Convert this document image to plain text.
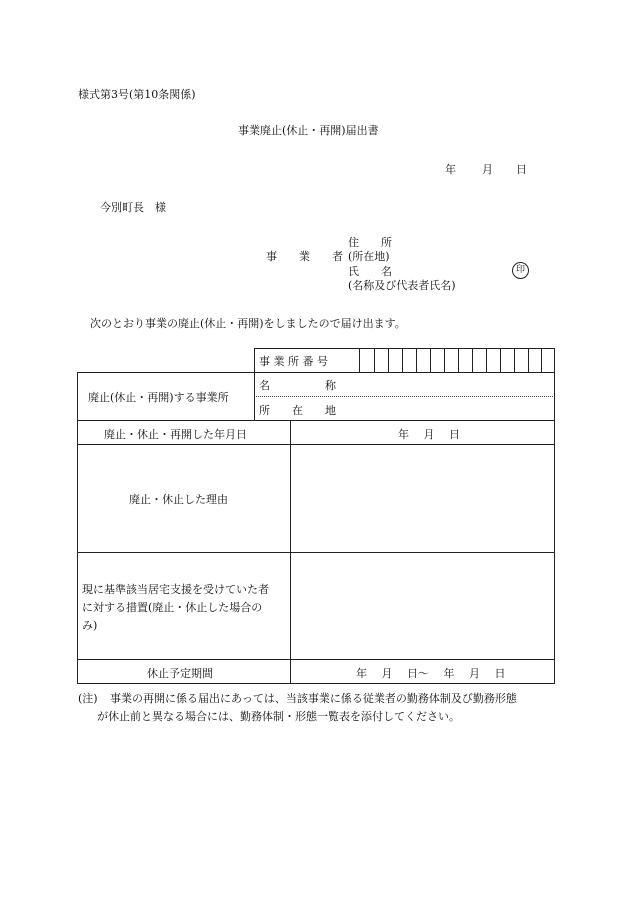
様式第3号(第10条関係)
事業廃止(休止・再開)届出書
年 月 日
今別町長　様
住　　所
事　　業　　者 (所在地)
氏　　名
(名称及び代表者氏名)
印
次のとおり事業の廃止(休止・再開)をしましたので届け出ます。
事 業 所 番 号
廃止(休止・再開)する事業所
名　　　　　称
所　　在　　地
廃止・休止・再開した年月日	年　 月　 日
廃止・休止した理由
現に基準該当居宅支援を受けていた者
に対する措置(廃止・休止した場合の
み)
休止予定期間	年　 月　 日～　 年　 月　 日
(注) 事業の再開に係る届出にあっては、当該事業に係る従業者の勤務体制及び勤務形態
が休止前と異なる場合には、勤務体制・形態一覧表を添付してください。
